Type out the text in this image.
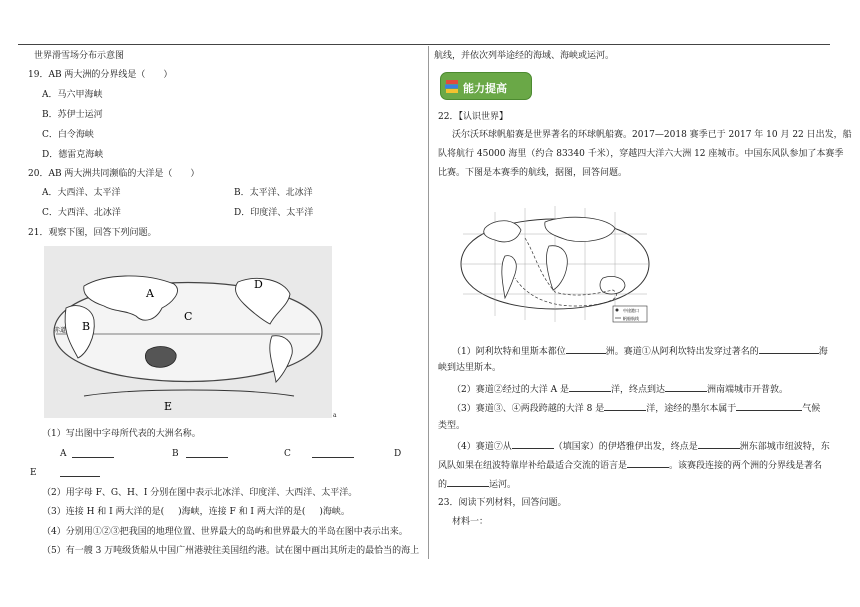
世界滑雪场分布示意图
19．AB 两大洲的分界线是（　　）
A．马六甲海峡
B．苏伊士运河
C．白令海峡
D．德雷克海峡
20．AB 两大洲共同濒临的大洋是（　　）
A．大西洋、太平洋	B．太平洋、北冰洋
C．大西洋、北冰洋	D．印度洋、太平洋
21．观察下图，回答下列问题。
A
B
C
D
E
赤道
a
（1）写出图中字母所代表的大洲名称。
A	B	C	D
E
（2）用字母 F、G、H、I 分别在图中表示北冰洋、印度洋、大西洋、太平洋。
（3）连接 H 和 I 两大洋的是( )海峡，连接 F 和 I 两大洋的是( )海峡。
（4）分别用①②③把我国的地理位置、世界最大的岛屿和世界最大的半岛在图中表示出来。
（5）有一艘 3 万吨级货船从中国广州港驶往美国纽约港。试在图中画出其所走的最恰当的海上
航线，并依次列举途经的海域、海峡或运河。
能力提高
22．【认识世界】
沃尔沃环球帆船赛是世界著名的环球帆船赛。2017—2018 赛季已于 2017 年 10 月 22 日出发，船
队将航行 45000 海里（约合 83340 千米），穿越四大洋六大洲 12 座城市。中国东风队参加了本赛季
比赛。下图是本赛季的航线，据图，回答问题。
中途港口
帆船航线
（1）阿利坎特和里斯本都位	洲。赛道①从阿利坎特出发穿过著名的	海
峡到达里斯本。
（2）赛道②经过的大洋 A 是	洋，终点到达	洲南端城市开普敦。
（3）赛道③、④两段跨越的大洋 8 是	洋，途经的墨尔本属于	气候
类型。
（4）赛道⑦从	（填国家）的伊塔雅伊出发，终点是	洲东部城市纽波特，东
风队如果在纽波特靠岸补给最适合交流的语言是	。该赛段连接的两个洲的分界线是著名
的	运河。
23．阅读下列材料，回答问题。
材料一：
